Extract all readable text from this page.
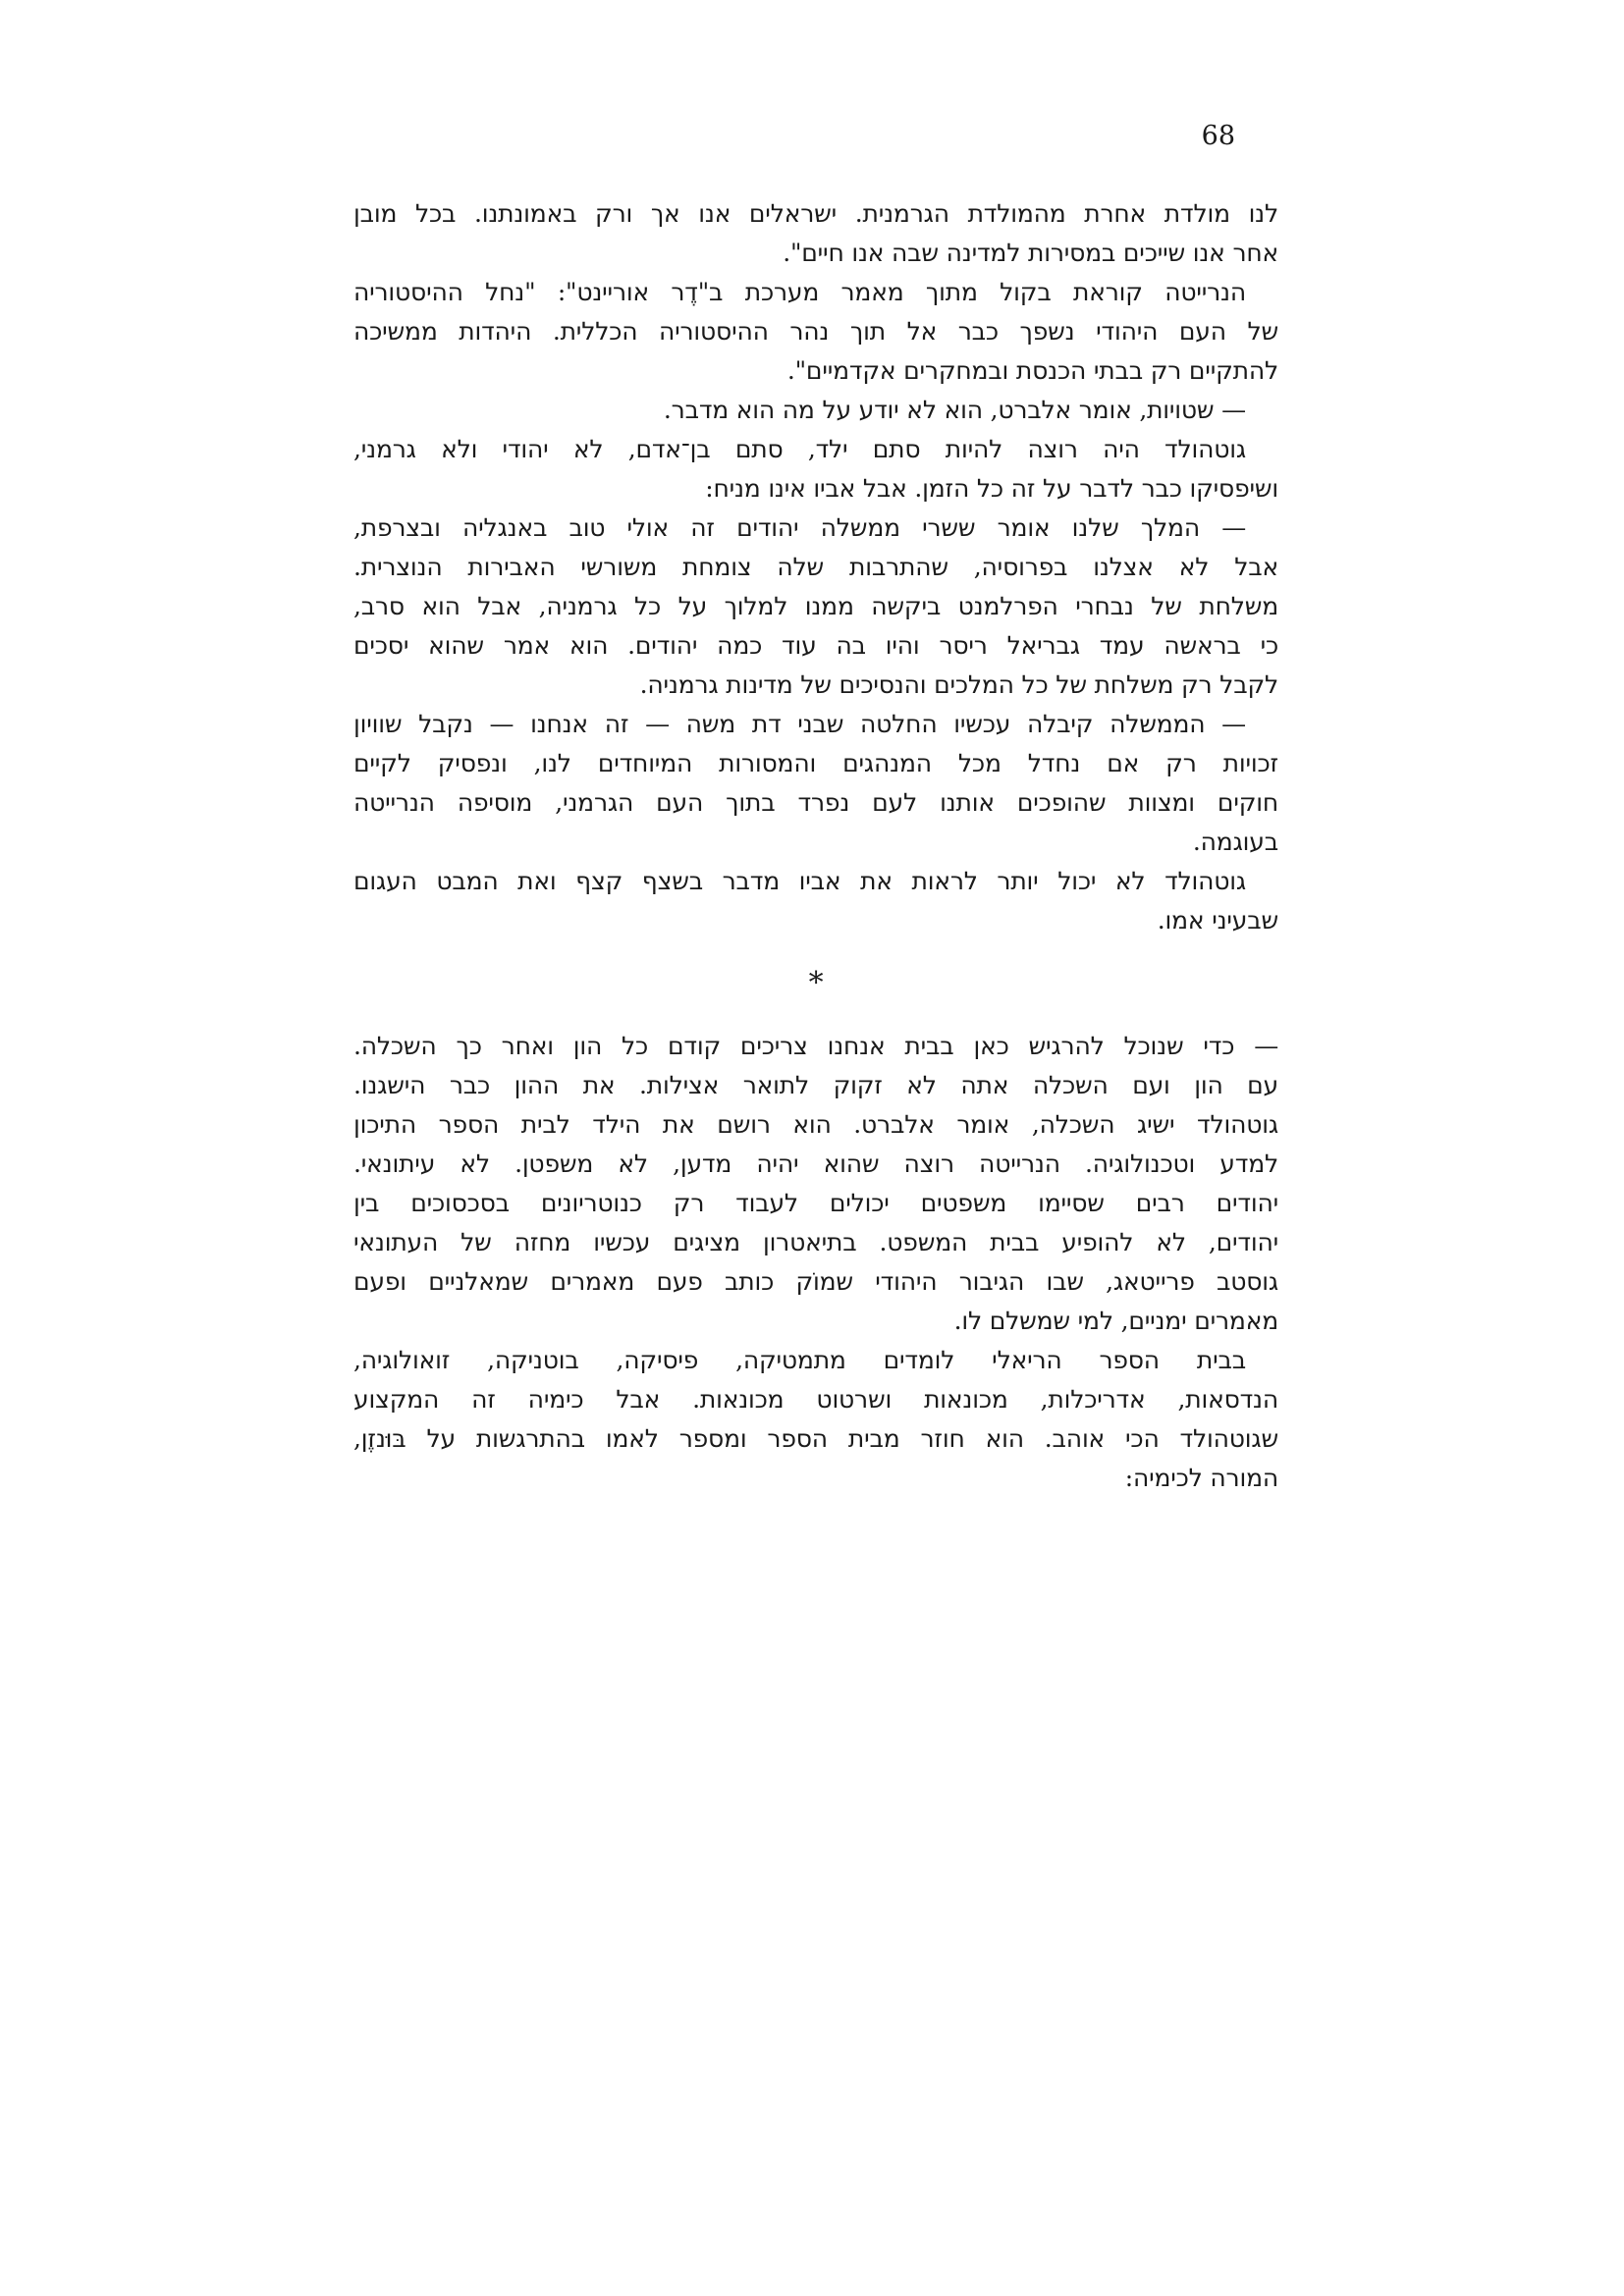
68
לנו מולדת אחרת מהמולדת הגרמנית. ישראלים אנו אך ורק באמונתנו. בכל מובן
אחר אנו שייכים במסירות למדינה שבה אנו חיים".
הנרייטה קוראת בקול מתוך מאמר מערכת ב"דֶר אוריינט": "נחל ההיסטוריה
של העם היהודי נשפך כבר אל תוך נהר ההיסטוריה הכללית. היהדות ממשיכה
להתקיים רק בבתי הכנסת ובמחקרים אקדמיים".
— שטויות, אומר אלברט, הוא לא יודע על מה הוא מדבר.
גוטהולד היה רוצה להיות סתם ילד, סתם בן־אדם, לא יהודי ולא גרמני,
ושיפסיקו כבר לדבר על זה כל הזמן. אבל אביו אינו מניח:
— המלך שלנו אומר ששרי ממשלה יהודים זה אולי טוב באנגליה ובצרפת,
אבל לא אצלנו בפרוסיה, שהתרבות שלה צומחת משורשי האבירות הנוצרית.
משלחת של נבחרי הפרלמנט ביקשה ממנו למלוך על כל גרמניה, אבל הוא סרב,
כי בראשה עמד גבריאל ריסר והיו בה עוד כמה יהודים. הוא אמר שהוא יסכים
לקבל רק משלחת של כל המלכים והנסיכים של מדינות גרמניה.
— הממשלה קיבלה עכשיו החלטה שבני דת משה — זה אנחנו — נקבל שוויון
זכויות רק אם נחדל מכל המנהגים והמסורות המיוחדים לנו, ונפסיק לקיים
חוקים ומצוות שהופכים אותנו לעם נפרד בתוך העם הגרמני, מוסיפה הנרייטה
בעוגמה.
גוטהולד לא יכול יותר לראות את אביו מדבר בשצף קצף ואת המבט העגום
שבעיני אמו.
*
— כדי שנוכל להרגיש כאן בבית אנחנו צריכים קודם כל הון ואחר כך השכלה.
עם הון ועם השכלה אתה לא זקוק לתואר אצילות. את ההון כבר הישגנו.
גוטהולד ישיג השכלה, אומר אלברט. הוא רושם את הילד לבית הספר התיכון
למדע וטכנולוגיה. הנרייטה רוצה שהוא יהיה מדען, לא משפטן. לא עיתונאי.
יהודים רבים שסיימו משפטים יכולים לעבוד רק כנוטריונים בסכסוכים בין
יהודים, לא להופיע בבית המשפט. בתיאטרון מציגים עכשיו מחזה של העתונאי
גוסטב פרייטאג, שבו הגיבור היהודי שמוֹק כותב פעם מאמרים שמאלניים ופעם
מאמרים ימניים, למי שמשלם לו.
בבית הספר הריאלי לומדים מתמטיקה, פיסיקה, בוטניקה, זואולוגיה,
הנדסאות, אדריכלות, מכונאות ושרטוט מכונאות. אבל כימיה זה המקצוע
שגוטהולד הכי אוהב. הוא חוזר מבית הספר ומספר לאמו בהתרגשות על בּוּנזֶן,
המורה לכימיה:
